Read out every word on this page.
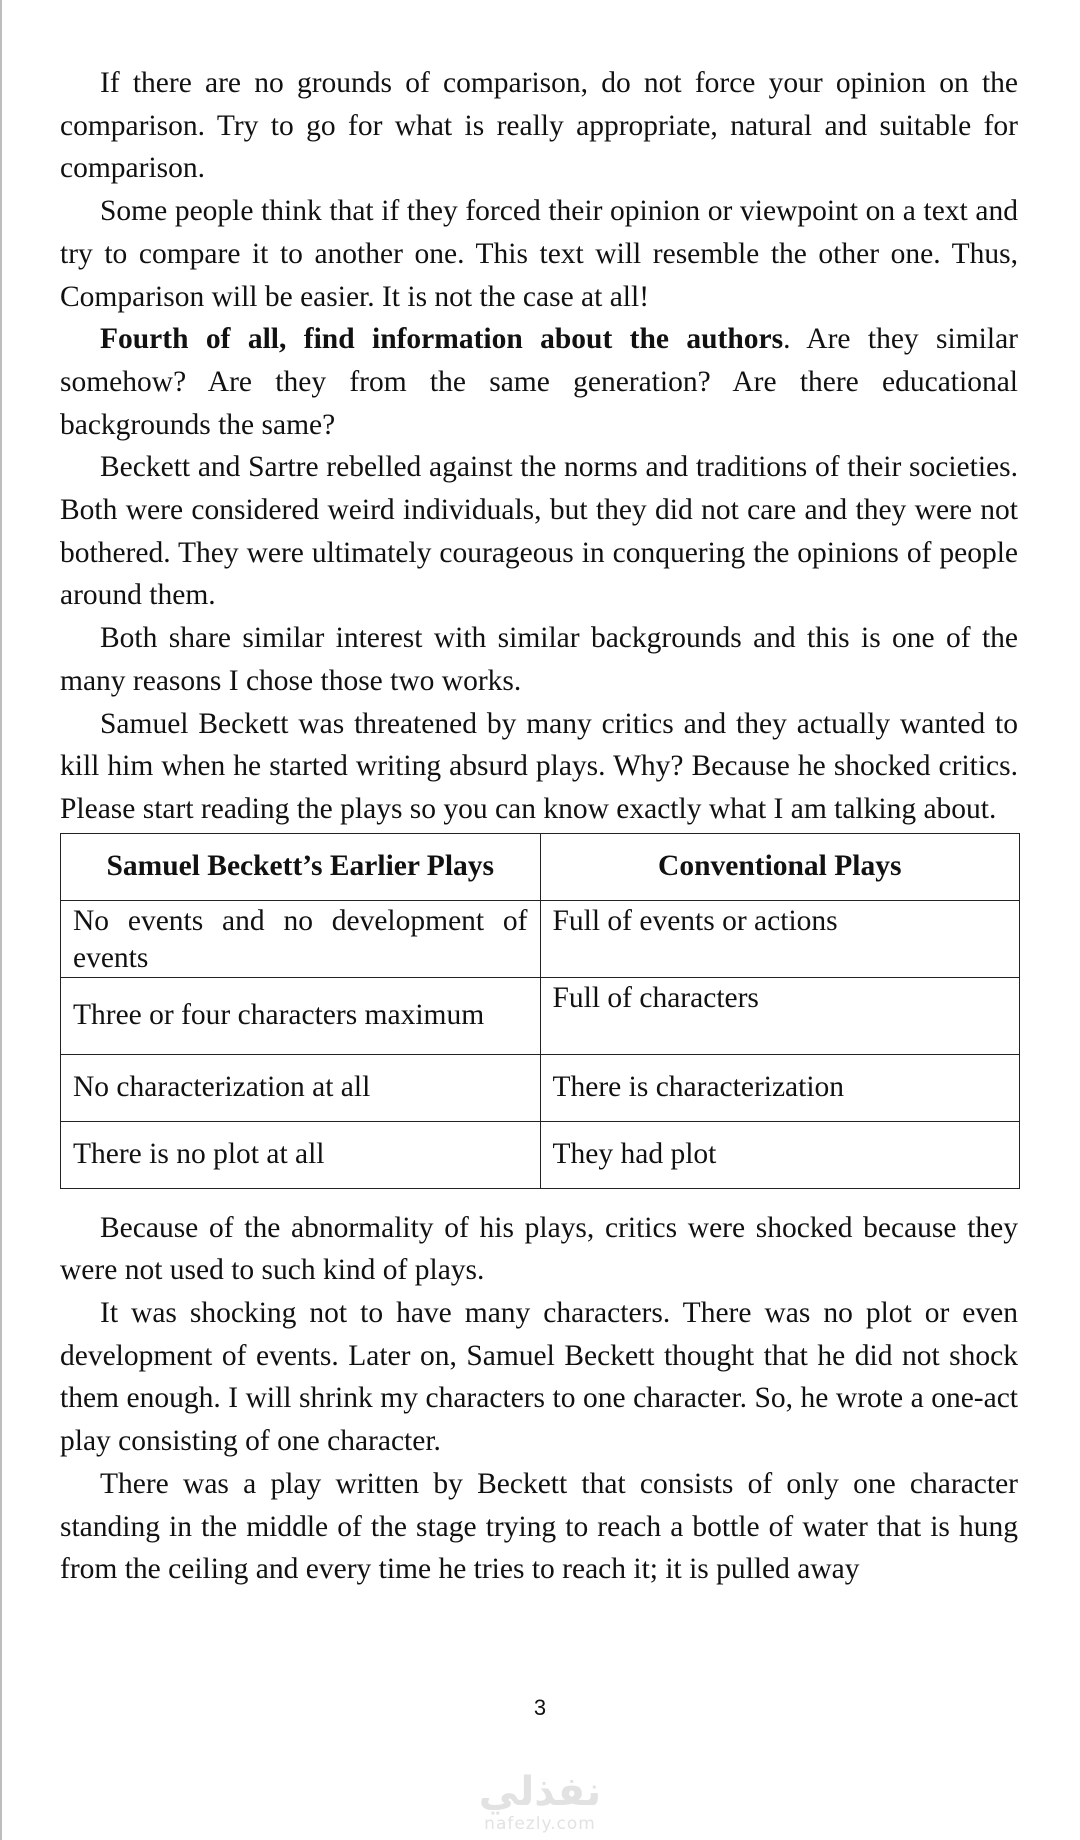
If there are no grounds of comparison, do not force your opinion on the comparison. Try to go for what is really appropriate, natural and suitable for comparison.

Some people think that if they forced their opinion or viewpoint on a text and try to compare it to another one. This text will resemble the other one. Thus, Comparison will be easier. It is not the case at all!

Fourth of all, find information about the authors. Are they similar somehow? Are they from the same generation? Are there educational backgrounds the same?

Beckett and Sartre rebelled against the norms and traditions of their societies. Both were considered weird individuals, but they did not care and they were not bothered. They were ultimately courageous in conquering the opinions of people around them.

Both share similar interest with similar backgrounds and this is one of the many reasons I chose those two works.

Samuel Beckett was threatened by many critics and they actually wanted to kill him when he started writing absurd plays. Why? Because he shocked critics. Please start reading the plays so you can know exactly what I am talking about.

Samuel Beckett’s Earlier Plays	Conventional Plays
No events and no development of events	Full of events or actions
Three or four characters maximum	Full of characters
No characterization at all	There is characterization
There is no plot at all	They had plot

Because of the abnormality of his plays, critics were shocked because they were not used to such kind of plays.

It was shocking not to have many characters. There was no plot or even development of events. Later on, Samuel Beckett thought that he did not shock them enough. I will shrink my characters to one character. So, he wrote a one-act play consisting of one character.

There was a play written by Beckett that consists of only one character standing in the middle of the stage trying to reach a bottle of water that is hung from the ceiling and every time he tries to reach it; it is pulled away

3
نفذلي
nafezly.com
